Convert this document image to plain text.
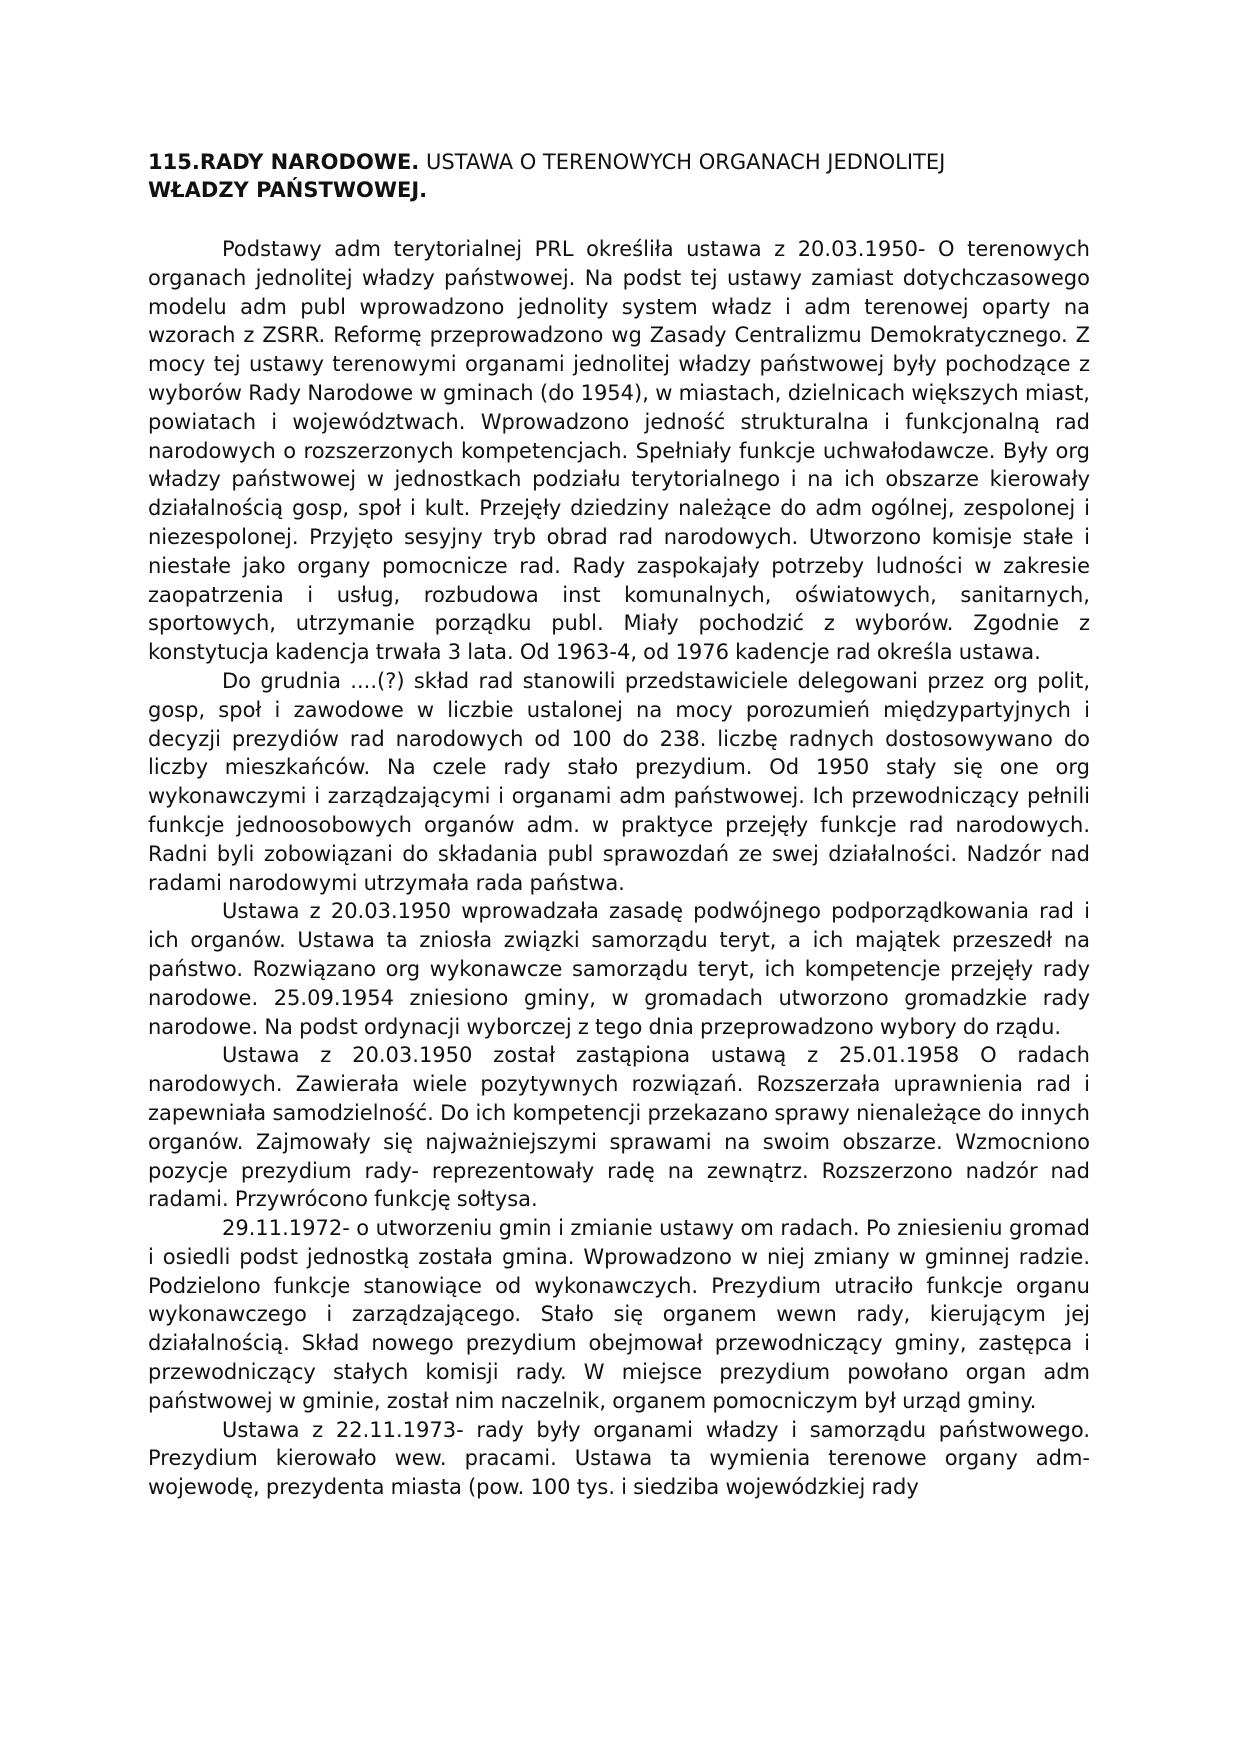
115.RADY NARODOWE. USTAWA O TERENOWYCH ORGANACH JEDNOLITEJ
WŁADZY PAŃSTWOWEJ.

Podstawy adm terytorialnej PRL określiła ustawa z 20.03.1950- O terenowych organach jednolitej władzy państwowej. Na podst tej ustawy zamiast dotychczasowego modelu adm publ wprowadzono jednolity system władz i adm terenowej oparty na wzorach z ZSRR. Reformę przeprowadzono wg Zasady Centralizmu Demokratycznego. Z mocy tej ustawy terenowymi organami jednolitej władzy państwowej były pochodzące z wyborów Rady Narodowe w gminach (do 1954), w miastach, dzielnicach większych miast, powiatach i województwach. Wprowadzono jedność strukturalna i funkcjonalną rad narodowych o rozszerzonych kompetencjach. Spełniały funkcje uchwałodawcze. Były org władzy państwowej w jednostkach podziału terytorialnego i na ich obszarze kierowały działalnością gosp, społ i kult. Przejęły dziedziny należące do adm ogólnej, zespolonej i niezespolonej. Przyjęto sesyjny tryb obrad rad narodowych. Utworzono komisje stałe i niestałe jako organy pomocnicze rad. Rady zaspokajały potrzeby ludności w zakresie zaopatrzenia i usług, rozbudowa inst komunalnych, oświatowych, sanitarnych, sportowych, utrzymanie porządku publ. Miały pochodzić z wyborów. Zgodnie z konstytucja kadencja trwała 3 lata. Od 1963-4, od 1976 kadencje rad określa ustawa.

Do grudnia ....(?) skład rad stanowili przedstawiciele delegowani przez org polit, gosp, społ i zawodowe w liczbie ustalonej na mocy porozumień międzypartyjnych i decyzji prezydiów rad narodowych od 100 do 238. liczbę radnych dostosowywano do liczby mieszkańców. Na czele rady stało prezydium. Od 1950 stały się one org wykonawczymi i zarządzającymi i organami adm państwowej. Ich przewodniczący pełnili funkcje jednoosobowych organów adm. w praktyce przejęły funkcje rad narodowych. Radni byli zobowiązani do składania publ sprawozdań ze swej działalności. Nadzór nad radami narodowymi utrzymała rada państwa.

Ustawa z 20.03.1950 wprowadzała zasadę podwójnego podporządkowania rad i ich organów. Ustawa ta zniosła związki samorządu teryt, a ich majątek przeszedł na państwo. Rozwiązano org wykonawcze samorządu teryt, ich kompetencje przejęły rady narodowe. 25.09.1954 zniesiono gminy, w gromadach utworzono gromadzkie rady narodowe. Na podst ordynacji wyborczej z tego dnia przeprowadzono wybory do rządu.

Ustawa z 20.03.1950 został zastąpiona ustawą z 25.01.1958 O radach narodowych. Zawierała wiele pozytywnych rozwiązań. Rozszerzała uprawnienia rad i zapewniała samodzielność. Do ich kompetencji przekazano sprawy nienależące do innych organów. Zajmowały się najważniejszymi sprawami na swoim obszarze. Wzmocniono pozycje prezydium rady- reprezentowały radę na zewnątrz. Rozszerzono nadzór nad radami. Przywrócono funkcję sołtysa.

29.11.1972- o utworzeniu gmin i zmianie ustawy om radach. Po zniesieniu gromad i osiedli podst jednostką została gmina. Wprowadzono w niej zmiany w gminnej radzie. Podzielono funkcje stanowiące od wykonawczych. Prezydium utraciło funkcje organu wykonawczego i zarządzającego. Stało się organem wewn rady, kierującym jej działalnością. Skład nowego prezydium obejmował przewodniczący gminy, zastępca i przewodniczący stałych komisji rady. W miejsce prezydium powołano organ adm państwowej w gminie, został nim naczelnik, organem pomocniczym był urząd gminy.

Ustawa z 22.11.1973- rady były organami władzy i samorządu państwowego. Prezydium kierowało wew. pracami. Ustawa ta wymienia terenowe organy adm- wojewodę, prezydenta miasta (pow. 100 tys. i siedziba wojewódzkiej rady
